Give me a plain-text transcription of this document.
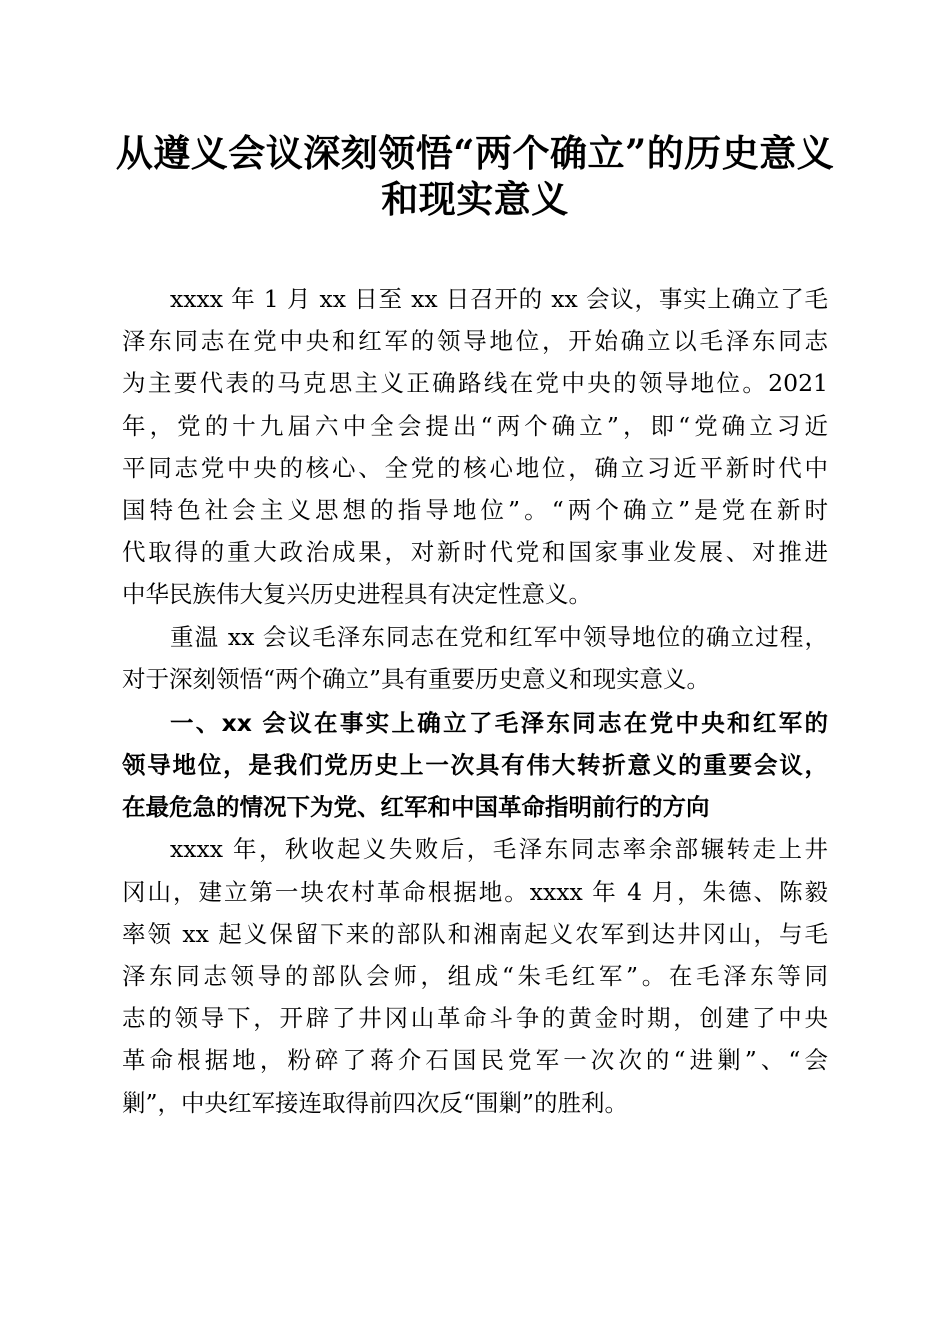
从遵义会议深刻领悟“两个确立”的历史意义
和现实意义
xxxx 年 1 月 xx 日至 xx 日召开的 xx 会议，事实上确立了毛
泽东同志在党中央和红军的领导地位，开始确立以毛泽东同志
为主要代表的马克思主义正确路线在党中央的领导地位。2021
年，党的十九届六中全会提出“两个确立”，即“党确立习近
平同志党中央的核心、全党的核心地位，确立习近平新时代中
国特色社会主义思想的指导地位”。“两个确立”是党在新时
代取得的重大政治成果，对新时代党和国家事业发展、对推进
中华民族伟大复兴历史进程具有决定性意义。
重温 xx 会议毛泽东同志在党和红军中领导地位的确立过程，
对于深刻领悟“两个确立”具有重要历史意义和现实意义。
一、xx 会议在事实上确立了毛泽东同志在党中央和红军的
领导地位，是我们党历史上一次具有伟大转折意义的重要会议，
在最危急的情况下为党、红军和中国革命指明前行的方向
xxxx 年，秋收起义失败后，毛泽东同志率余部辗转走上井
冈山，建立第一块农村革命根据地。xxxx 年 4 月，朱德、陈毅
率领 xx 起义保留下来的部队和湘南起义农军到达井冈山，与毛
泽东同志领导的部队会师，组成“朱毛红军”。在毛泽东等同
志的领导下，开辟了井冈山革命斗争的黄金时期，创建了中央
革命根据地，粉碎了蒋介石国民党军一次次的“进剿”、“会
剿”，中央红军接连取得前四次反“围剿”的胜利。
